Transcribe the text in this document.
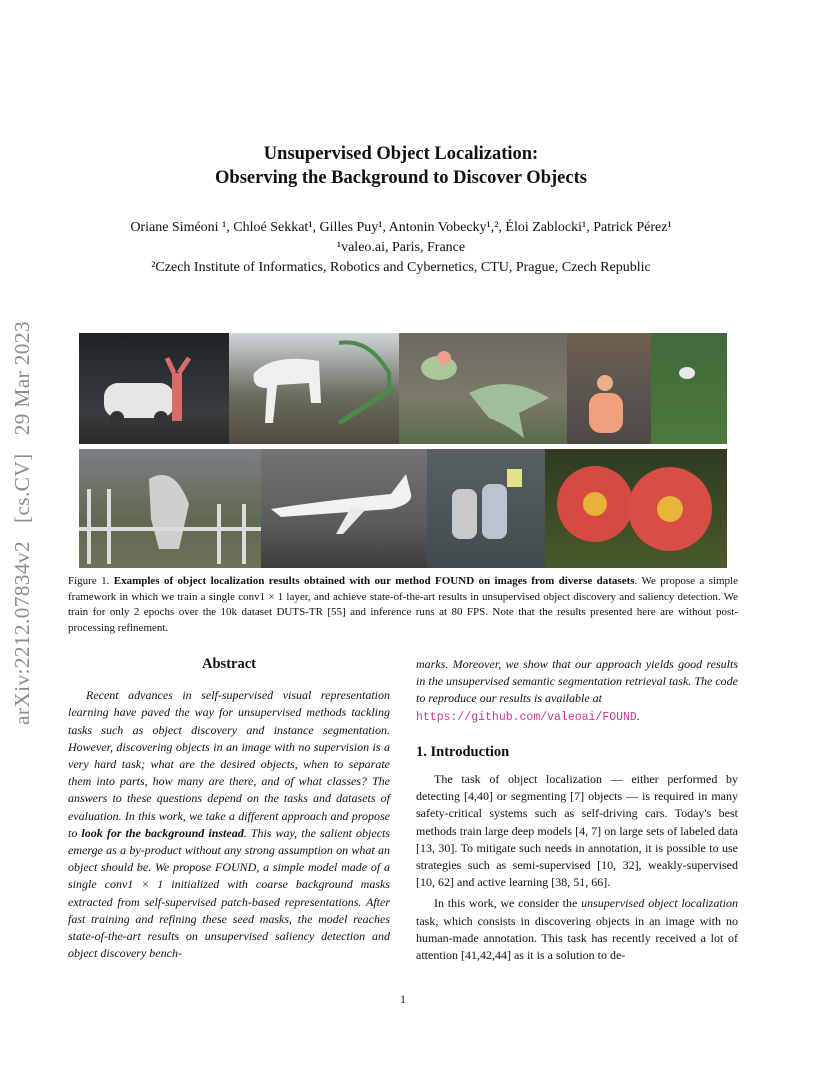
arXiv:2212.07834v2[cs.CV]29 Mar 2023
Unsupervised Object Localization:
Observing the Background to Discover Objects
Oriane Siméoni ¹, Chloé Sekkat¹, Gilles Puy¹, Antonin Vobecky¹,², Éloi Zablocki¹, Patrick Pérez¹
¹valeo.ai, Paris, France
²Czech Institute of Informatics, Robotics and Cybernetics, CTU, Prague, Czech Republic
Figure 1. Examples of object localization results obtained with our method FOUND on images from diverse datasets. We propose a simple framework in which we train a single conv1 × 1 layer, and achieve state-of-the-art results in unsupervised object discovery and saliency detection. We train for only 2 epochs over the 10k dataset DUTS-TR [55] and inference runs at 80 FPS. Note that the results presented here are without post-processing refinement.
Abstract
Recent advances in self-supervised visual representation learning have paved the way for unsupervised methods tackling tasks such as object discovery and instance segmentation. However, discovering objects in an image with no supervision is a very hard task; what are the desired objects, when to separate them into parts, how many are there, and of what classes? The answers to these questions depend on the tasks and datasets of evaluation. In this work, we take a different approach and propose to look for the background instead. This way, the salient objects emerge as a by-product without any strong assumption on what an object should be. We propose FOUND, a simple model made of a single conv1 × 1 initialized with coarse background masks extracted from self-supervised patch-based representations. After fast training and refining these seed masks, the model reaches state-of-the-art results on unsupervised saliency detection and object discovery bench-
marks. Moreover, we show that our approach yields good results in the unsupervised semantic segmentation retrieval task. The code to reproduce our results is available at
https://github.com/valeoai/FOUND.
1. Introduction
The task of object localization — either performed by detecting [4,40] or segmenting [7] objects — is required in many safety-critical systems such as self-driving cars. Today's best methods train large deep models [4, 7] on large sets of labeled data [13, 30]. To mitigate such needs in annotation, it is possible to use strategies such as semi-supervised [10, 32], weakly-supervised [10, 62] and active learning [38, 51, 66].
In this work, we consider the unsupervised object localization task, which consists in discovering objects in an image with no human-made annotation. This task has recently received a lot of attention [41,42,44] as it is a solution to de-
1
